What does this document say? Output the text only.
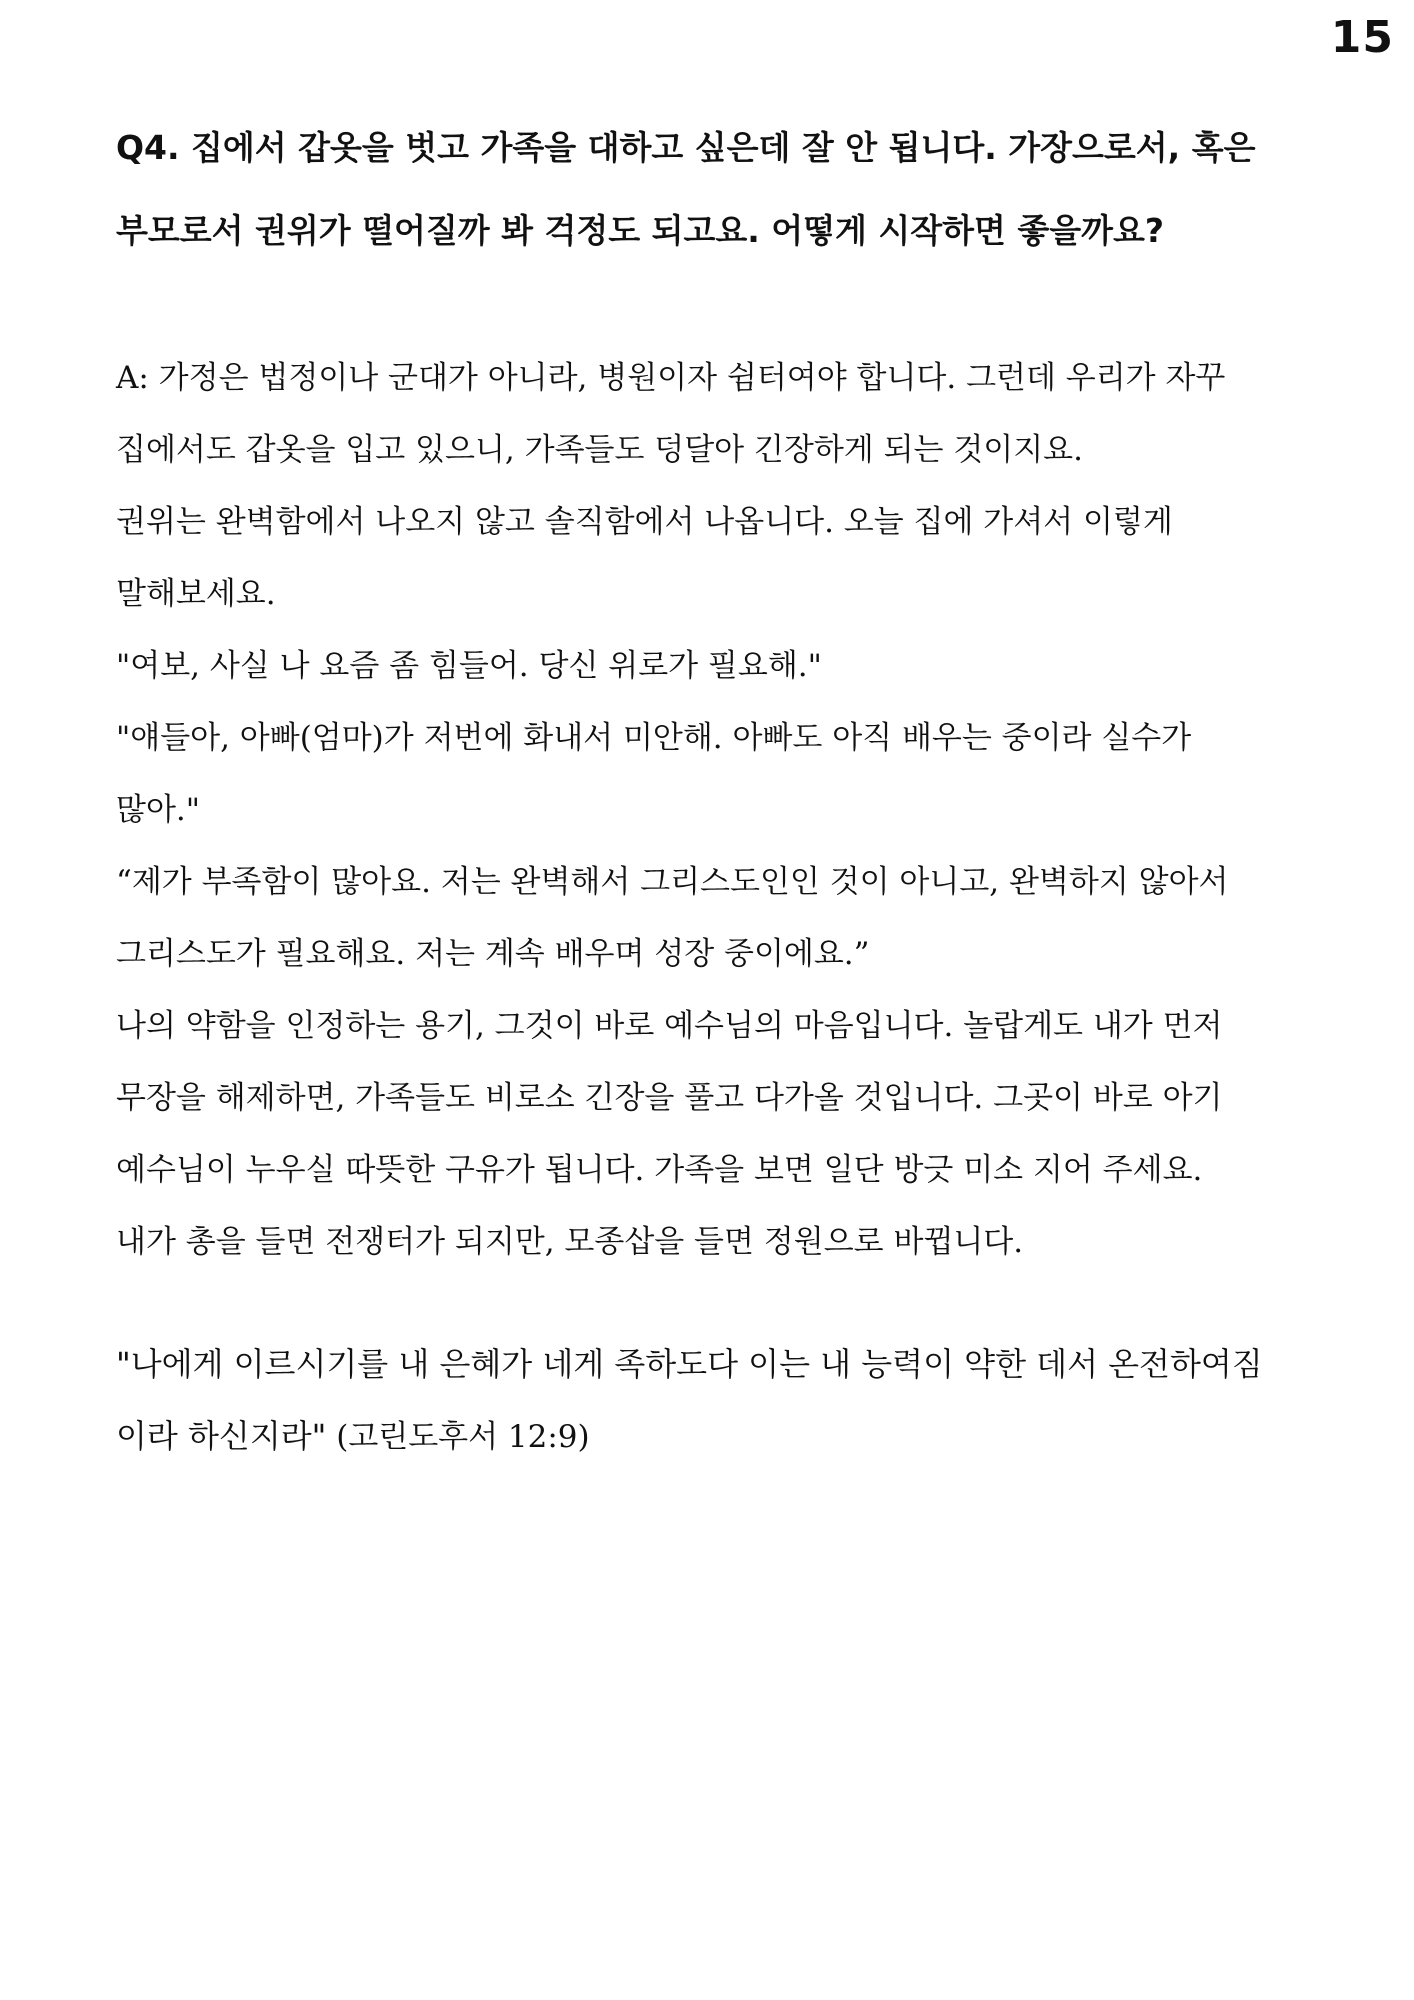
15
Q4. 집에서 갑옷을 벗고 가족을 대하고 싶은데 잘 안 됩니다. 가장으로서, 혹은
부모로서 권위가 떨어질까 봐 걱정도 되고요. 어떻게 시작하면 좋을까요?
A: 가정은 법정이나 군대가 아니라, 병원이자 쉼터여야 합니다. 그런데 우리가 자꾸
집에서도 갑옷을 입고 있으니, 가족들도 덩달아 긴장하게 되는 것이지요.
권위는 완벽함에서 나오지 않고 솔직함에서 나옵니다. 오늘 집에 가셔서 이렇게
말해보세요.
"여보, 사실 나 요즘 좀 힘들어. 당신 위로가 필요해."
"얘들아, 아빠(엄마)가 저번에 화내서 미안해. 아빠도 아직 배우는 중이라 실수가
많아."
“제가 부족함이 많아요. 저는 완벽해서 그리스도인인 것이 아니고, 완벽하지 않아서
그리스도가 필요해요. 저는 계속 배우며 성장 중이에요.”
나의 약함을 인정하는 용기, 그것이 바로 예수님의 마음입니다. 놀랍게도 내가 먼저
무장을 해제하면, 가족들도 비로소 긴장을 풀고 다가올 것입니다. 그곳이 바로 아기
예수님이 누우실 따뜻한 구유가 됩니다. 가족을 보면 일단 방긋 미소 지어 주세요.
내가 총을 들면 전쟁터가 되지만, 모종삽을 들면 정원으로 바뀝니다.
"나에게 이르시기를 내 은혜가 네게 족하도다 이는 내 능력이 약한 데서 온전하여짐
이라 하신지라" (고린도후서 12:9)
